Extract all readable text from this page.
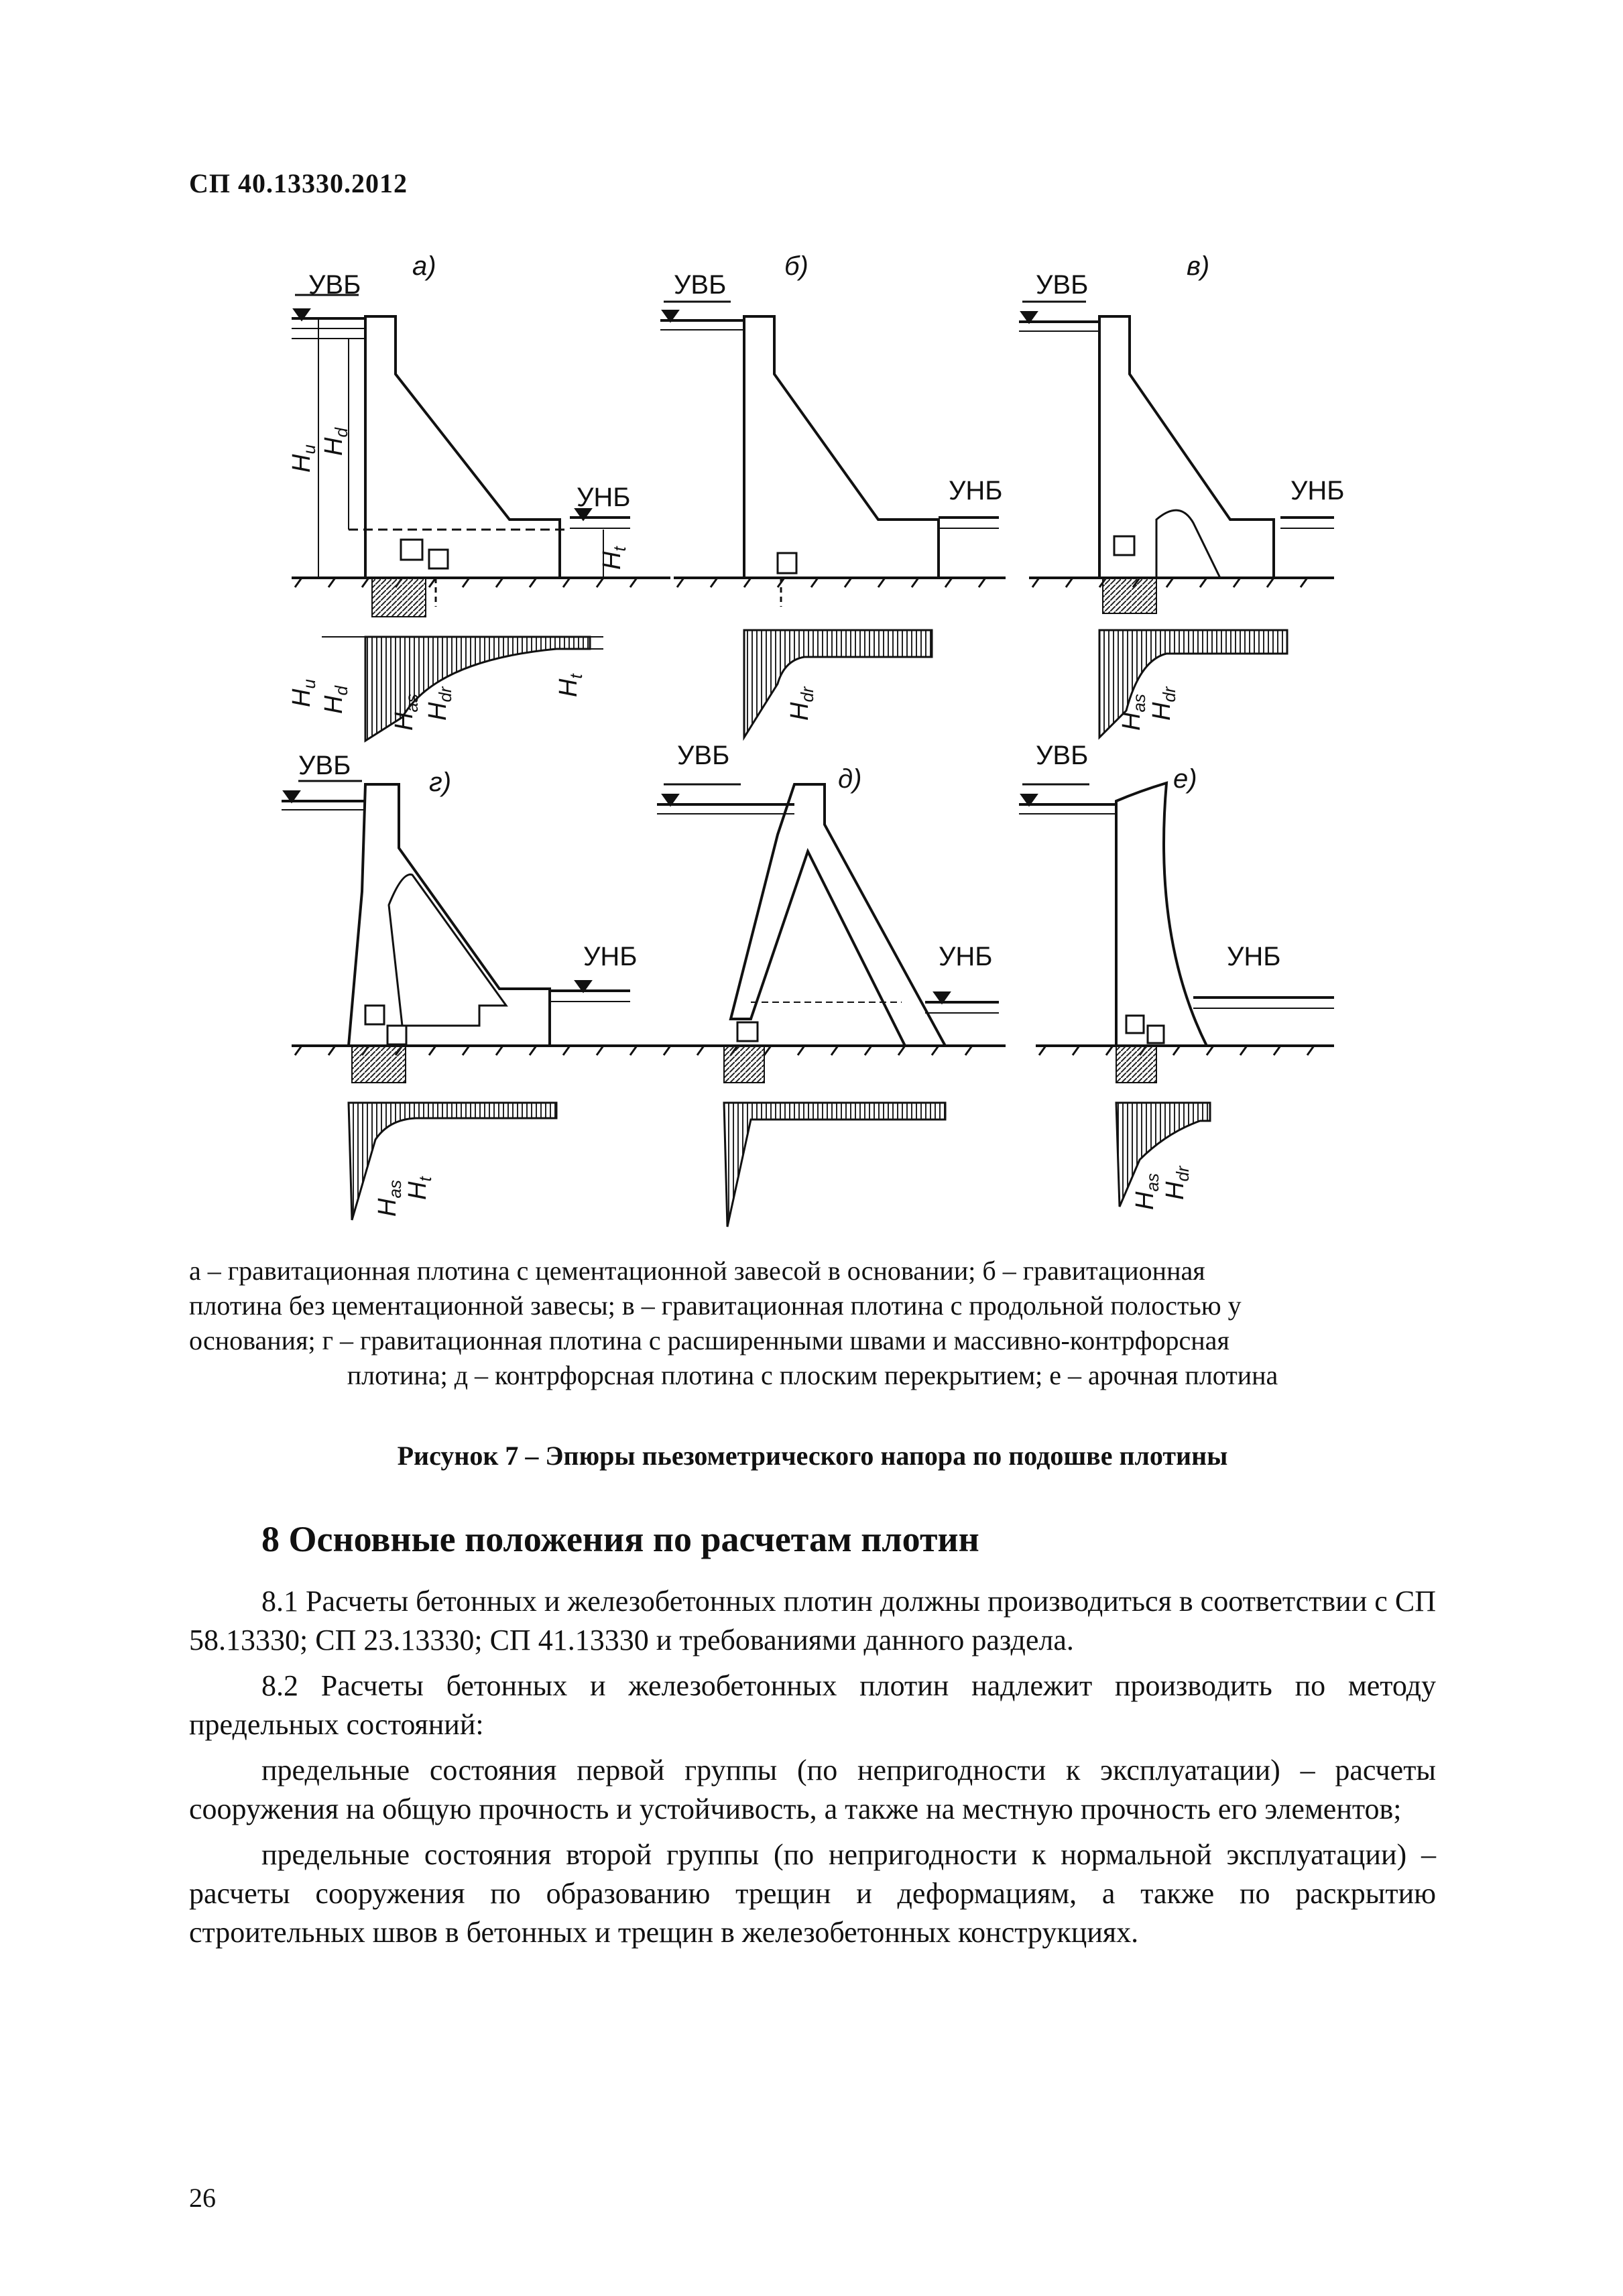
СП 40.13330.2012
УВБ
а)
УНБ
УВБ
б)
УНБ
УВБ
в)
УНБ
УВБ
г)
УНБ
УВБ
д)
УНБ
УВБ
е)
УНБ
$H_u$ $H_d$
$H_t$
$H_u$
$H_d$
$H_{as}$ $H_{dr}$	$H_t$
$H_{dr}$
$H_{as}$
$H_{dr}$
$H_{as}$
$H_t$
$H_{as}$
$H_{dr}$

а – гравитационная плотина с цементационной завесой в основании; б – гравитационная

плотина без цементационной завесы; в – гравитационная плотина с продольной полостью у

основания; г – гравитационная плотина с расширенными швами и массивно-контрфорсная

плотина; д – контрфорсная плотина с плоским перекрытием; е – арочная плотина

Рисунок 7 – Эпюры пьезометрического напора по подошве плотины
8 Основные положения по расчетам плотин

8.1 Расчеты бетонных и железобетонных плотин должны производиться в соответствии с СП 58.13330; СП 23.13330; СП 41.13330 и требованиями данного раздела.

8.2 Расчеты бетонных и железобетонных плотин надлежит производить по методу предельных состояний:

предельные состояния первой группы (по непригодности к эксплуатации) – расчеты сооружения на общую прочность и устойчивость, а также на местную прочность его элементов;

предельные состояния второй группы (по непригодности к нормальной эксплуатации) – расчеты сооружения по образованию трещин и деформациям, а также по раскрытию строительных швов в бетонных и трещин в железобетонных конструкциях.

26
